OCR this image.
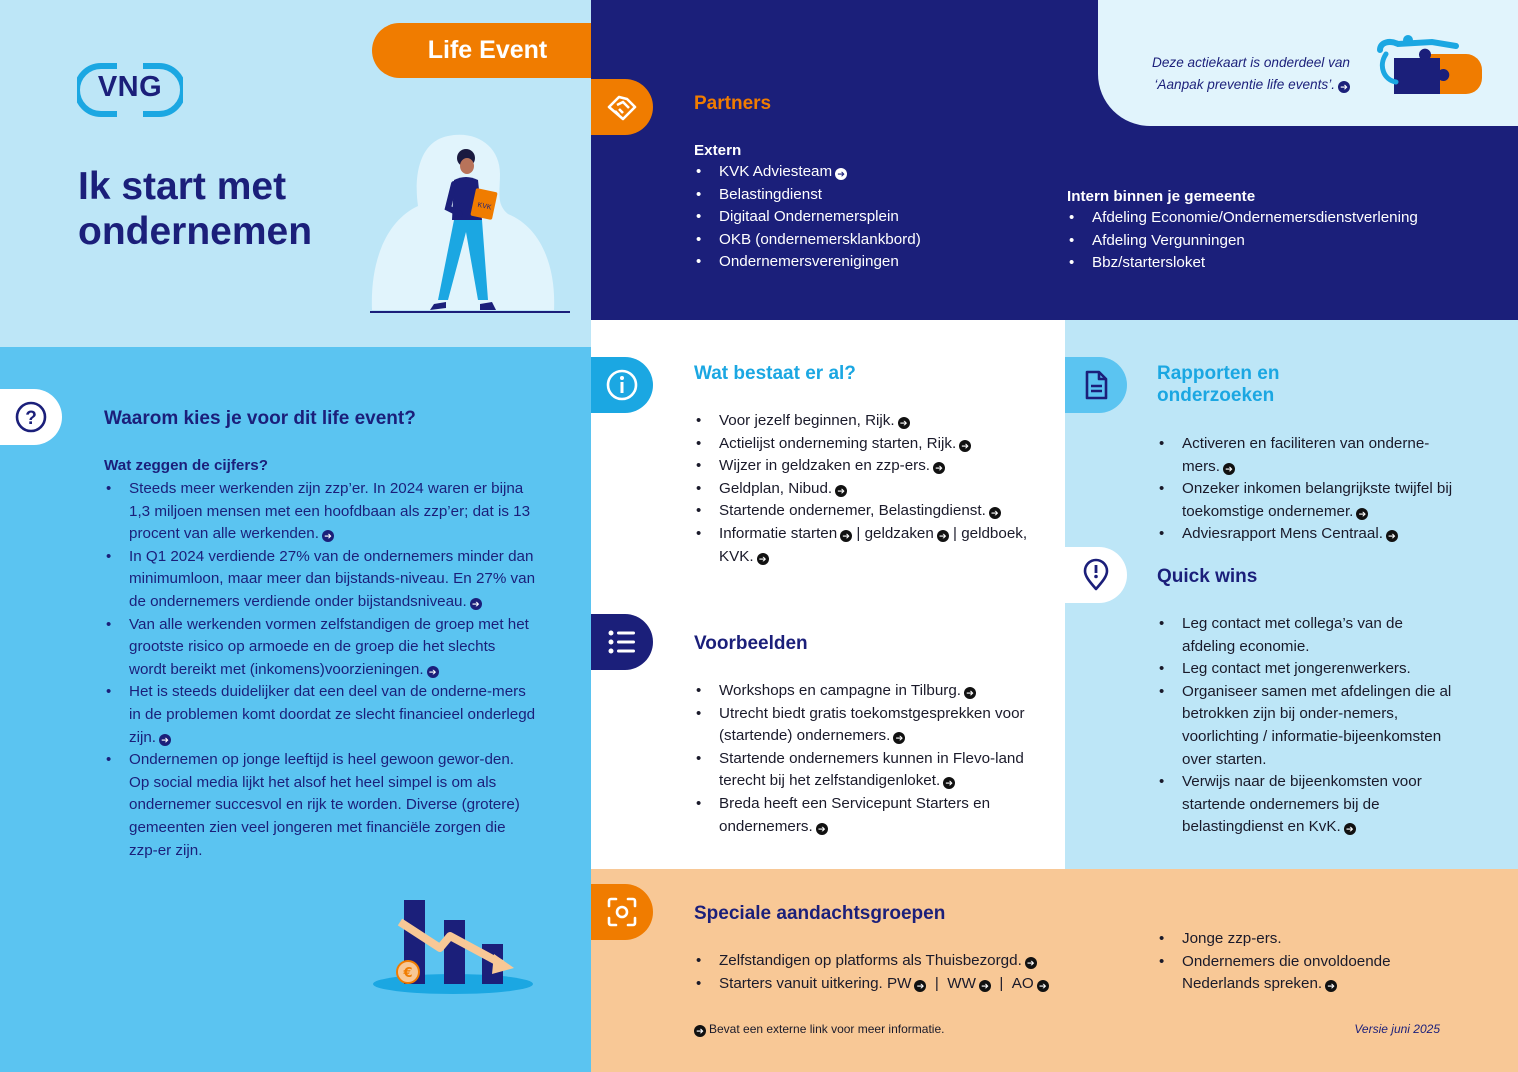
Life Event
VNG
Ik start met
ondernemen
KVK
Deze actiekaart is onderdeel van
‘Aanpak preventie life events’. ➔
Partners
Extern
• KVK Adviesteam ➔
• Belastingdienst
• Digitaal Ondernemersplein
• OKB (ondernemersklankbord)
• Ondernemersverenigingen
Intern binnen je gemeente
• Afdeling Economie/Ondernemersdienstverlening
• Afdeling Vergunningen
• Bbz/startersloket
?	Waarom kies je voor dit life event?
Wat zeggen de cijfers?
• Steeds meer werkenden zijn zzp’er. In 2024 waren er bijna 1,3 miljoen mensen met een hoofdbaan als zzp’er; dat is 13 procent van alle werkenden. ➔
• In Q1 2024 verdiende 27% van de ondernemers minder dan minimumloon, maar meer dan bijstands-niveau. En 27% van de ondernemers verdiende onder bijstandsniveau. ➔
• Van alle werkenden vormen zelfstandigen de groep met het grootste risico op armoede en de groep die het slechts wordt bereikt met (inkomens)voorzieningen. ➔
• Het is steeds duidelijker dat een deel van de onderne-mers in de problemen komt doordat ze slecht financieel onderlegd zijn. ➔
• Ondernemen op jonge leeftijd is heel gewoon gewor-den. Op social media lijkt het alsof het heel simpel is om als ondernemer succesvol en rijk te worden. Diverse (grotere) gemeenten zien veel jongeren met financiële zorgen die zzp-er zijn.
€
Wat bestaat er al?
• Voor jezelf beginnen, Rijk. ➔
• Actielijst onderneming starten, Rijk. ➔
• Wijzer in geldzaken en zzp-ers. ➔
• Geldplan, Nibud. ➔
• Startende ondernemer, Belastingdienst. ➔
• Informatie starten ➔ | geldzaken ➔ | geldboek, KVK. ➔
Voorbeelden
• Workshops en campagne in Tilburg. ➔
• Utrecht biedt gratis toekomstgesprekken voor (startende) ondernemers. ➔
• Startende ondernemers kunnen in Flevo-land terecht bij het zelfstandigenloket. ➔
• Breda heeft een Servicepunt Starters en ondernemers. ➔
Rapporten en
onderzoeken
• Activeren en faciliteren van onderne-mers. ➔
• Onzeker inkomen belangrijkste twijfel bij toekomstige ondernemer. ➔
• Adviesrapport Mens Centraal. ➔
Quick wins
• Leg contact met collega’s van de afdeling economie.
• Leg contact met jongerenwerkers.
• Organiseer samen met afdelingen die al betrokken zijn bij onder-nemers, voorlichting / informatie-bijeenkomsten over starten.
• Verwijs naar de bijeenkomsten voor startende ondernemers bij de belastingdienst en KvK. ➔
Speciale aandachtsgroepen
• Zelfstandigen op platforms als Thuisbezorgd. ➔
• Starters vanuit uitkering. PW ➔  |  WW ➔  |  AO ➔
• Jonge zzp-ers.
• Ondernemers die onvoldoende Nederlands spreken. ➔
➔ Bevat een externe link voor meer informatie.	Versie juni 2025
